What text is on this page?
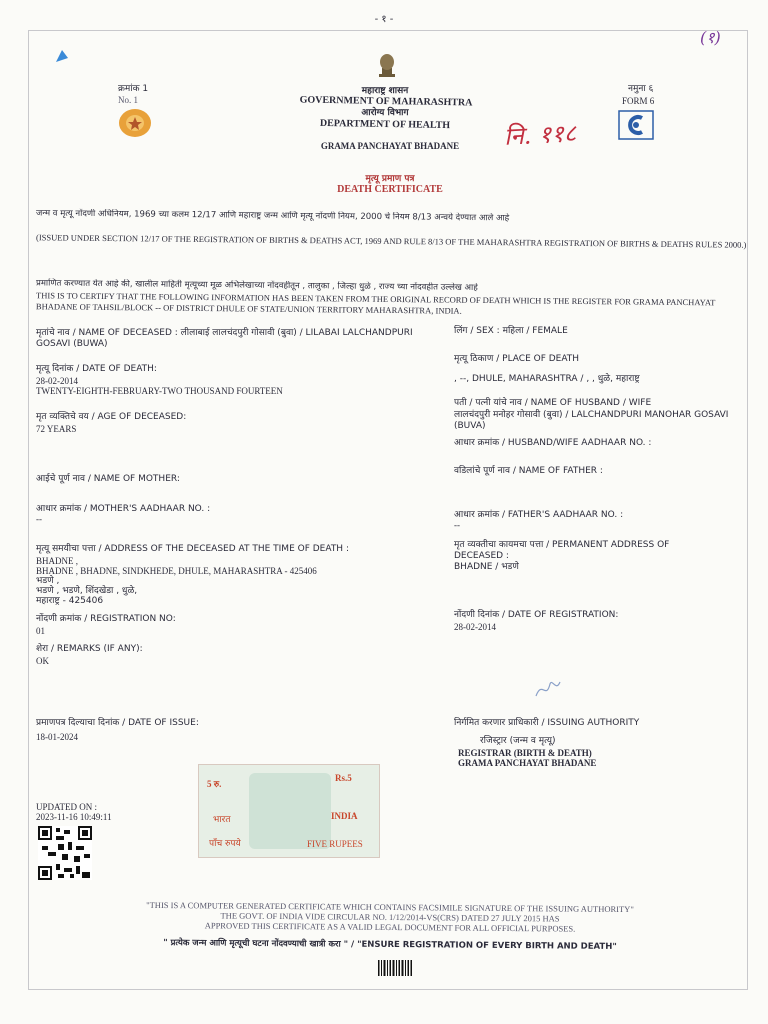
- १ -
(१)
क्रमांक 1
No. 1
महाराष्ट्र शासन
GOVERNMENT OF MAHARASHTRA
आरोग्य विभाग
DEPARTMENT OF HEALTH
GRAMA PANCHAYAT BHADANE	नि. ११८
नमुना ६
FORM 6
मृत्यू प्रमाण पत्र
DEATH CERTIFICATE
जन्म व मृत्यू नोंदणी अधिनियम, 1969 च्या कलम 12/17 आणि महाराष्ट्र जन्म आणि मृत्यू नोंदणी नियम, 2000 चे नियम 8/13 अन्वये देण्यात आले आहे
(ISSUED UNDER SECTION 12/17 OF THE REGISTRATION OF BIRTHS & DEATHS ACT, 1969 AND RULE 8/13 OF THE MAHARASHTRA REGISTRATION OF BIRTHS & DEATHS RULES 2000.)
प्रमाणित करण्यात येत आहे की, खालील माहिती मृत्यूच्या मूळ अभिलेखाच्या नोंदवहीतून , तालुका , जिल्हा धुळे , राज्य च्या नोंदवहीत उल्लेख आहे
THIS IS TO CERTIFY THAT THE FOLLOWING INFORMATION HAS BEEN TAKEN FROM THE ORIGINAL RECORD OF DEATH WHICH IS THE REGISTER FOR GRAMA PANCHAYAT BHADANE OF TAHSIL/BLOCK -- OF DISTRICT DHULE OF STATE/UNION TERRITORY MAHARASHTRA, INDIA.
मृतांचे नाव / NAME OF DECEASED : लीलाबाई लालचंदपुरी गोसावी (बुवा) / LILABAI LALCHANDPURI GOSAVI (BUWA)
लिंग / SEX : महिला / FEMALE
मृत्यू दिनांक / DATE OF DEATH:
28-02-2014
TWENTY-EIGHTH-FEBRUARY-TWO THOUSAND FOURTEEN
मृत्यू ठिकाण / PLACE OF DEATH
, --, DHULE, MAHARASHTRA / , , धुळे, महाराष्ट्र
मृत व्यक्तिचे वय / AGE OF DECEASED:
72 YEARS
पती / पत्नी यांचे नाव / NAME OF HUSBAND / WIFE
लालचंदपुरी मनोहर गोसावी (बुवा) / LALCHANDPURI MANOHAR GOSAVI (BUVA)
आधार क्रमांक / HUSBAND/WIFE AADHAAR NO. :
आईचे पूर्ण नाव / NAME OF MOTHER:
वडिलांचे पूर्ण नाव / NAME OF FATHER :
आधार क्रमांक / MOTHER'S AADHAAR NO. :
--	आधार क्रमांक / FATHER'S AADHAAR NO. :
--
मृत्यू समयीचा पत्ता / ADDRESS OF THE DECEASED AT THE TIME OF DEATH :
BHADNE ,
BHADNE , BHADNE, SINDKHEDE, DHULE, MAHARASHTRA - 425406
भडणे ,
भडणे , भडणे, शिंदखेडा , धुळे,
महाराष्ट्र - 425406
मृत व्यक्तीचा कायमचा पत्ता / PERMANENT ADDRESS OF DECEASED :
BHADNE / भडणे
नोंदणी क्रमांक / REGISTRATION NO:
01
नोंदणी दिनांक / DATE OF REGISTRATION:
28-02-2014
शेरा / REMARKS (IF ANY):
OK
प्रमाणपत्र दिल्याचा दिनांक / DATE OF ISSUE:
18-01-2024
निर्गमित करणार प्राधिकारी / ISSUING AUTHORITY
रजिस्ट्रार (जन्म व मृत्यू)
REGISTRAR (BIRTH & DEATH)
GRAMA PANCHAYAT BHADANE
5 रु.
Rs.5
भारत	INDIA
पाँच रुपये	FIVE RUPEES
UPDATED ON :
2023-11-16 10:49:11
"THIS IS A COMPUTER GENERATED CERTIFICATE WHICH CONTAINS FACSIMILE SIGNATURE OF THE ISSUING AUTHORITY"
THE GOVT. OF INDIA VIDE CIRCULAR NO. 1/12/2014-VS(CRS) DATED 27 JULY 2015 HAS
APPROVED THIS CERTIFICATE AS A VALID LEGAL DOCUMENT FOR ALL OFFICIAL PURPOSES.
" प्रत्येक जन्म आणि मृत्यूची घटना नोंदवण्याची खात्री करा " / "ENSURE REGISTRATION OF EVERY BIRTH AND DEATH"
